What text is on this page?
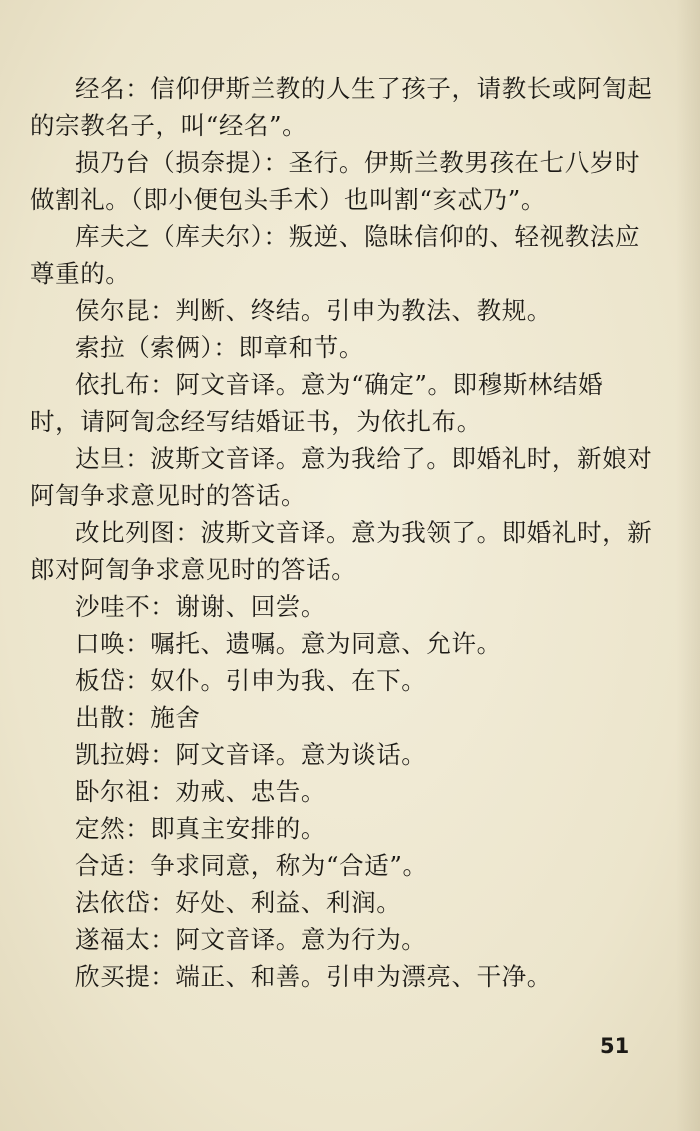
经名：信仰伊斯兰教的人生了孩子，请教长或阿訇起
的宗教名子，叫“经名”。
损乃台（损奈提）：圣行。伊斯兰教男孩在七八岁时
做割礼。（即小便包头手术）也叫割“亥忒乃”。
库夫之（库夫尔）：叛逆、隐昧信仰的、轻视教法应
尊重的。
侯尔昆：判断、终结。引申为教法、教规。
索拉（索俩）：即章和节。
依扎布：阿文音译。意为“确定”。即穆斯林结婚
时，请阿訇念经写结婚证书，为依扎布。
达旦：波斯文音译。意为我给了。即婚礼时，新娘对
阿訇争求意见时的答话。
改比列图：波斯文音译。意为我领了。即婚礼时，新
郎对阿訇争求意见时的答话。
沙哇不：谢谢、回尝。
口唤：嘱托、遗嘱。意为同意、允许。
板岱：奴仆。引申为我、在下。
出散：施舍
凯拉姆：阿文音译。意为谈话。
卧尔祖：劝戒、忠告。
定然：即真主安排的。
合适：争求同意，称为“合适”。
法依岱：好处、利益、利润。
遂福太：阿文音译。意为行为。
欣买提：端正、和善。引申为漂亮、干净。
51
